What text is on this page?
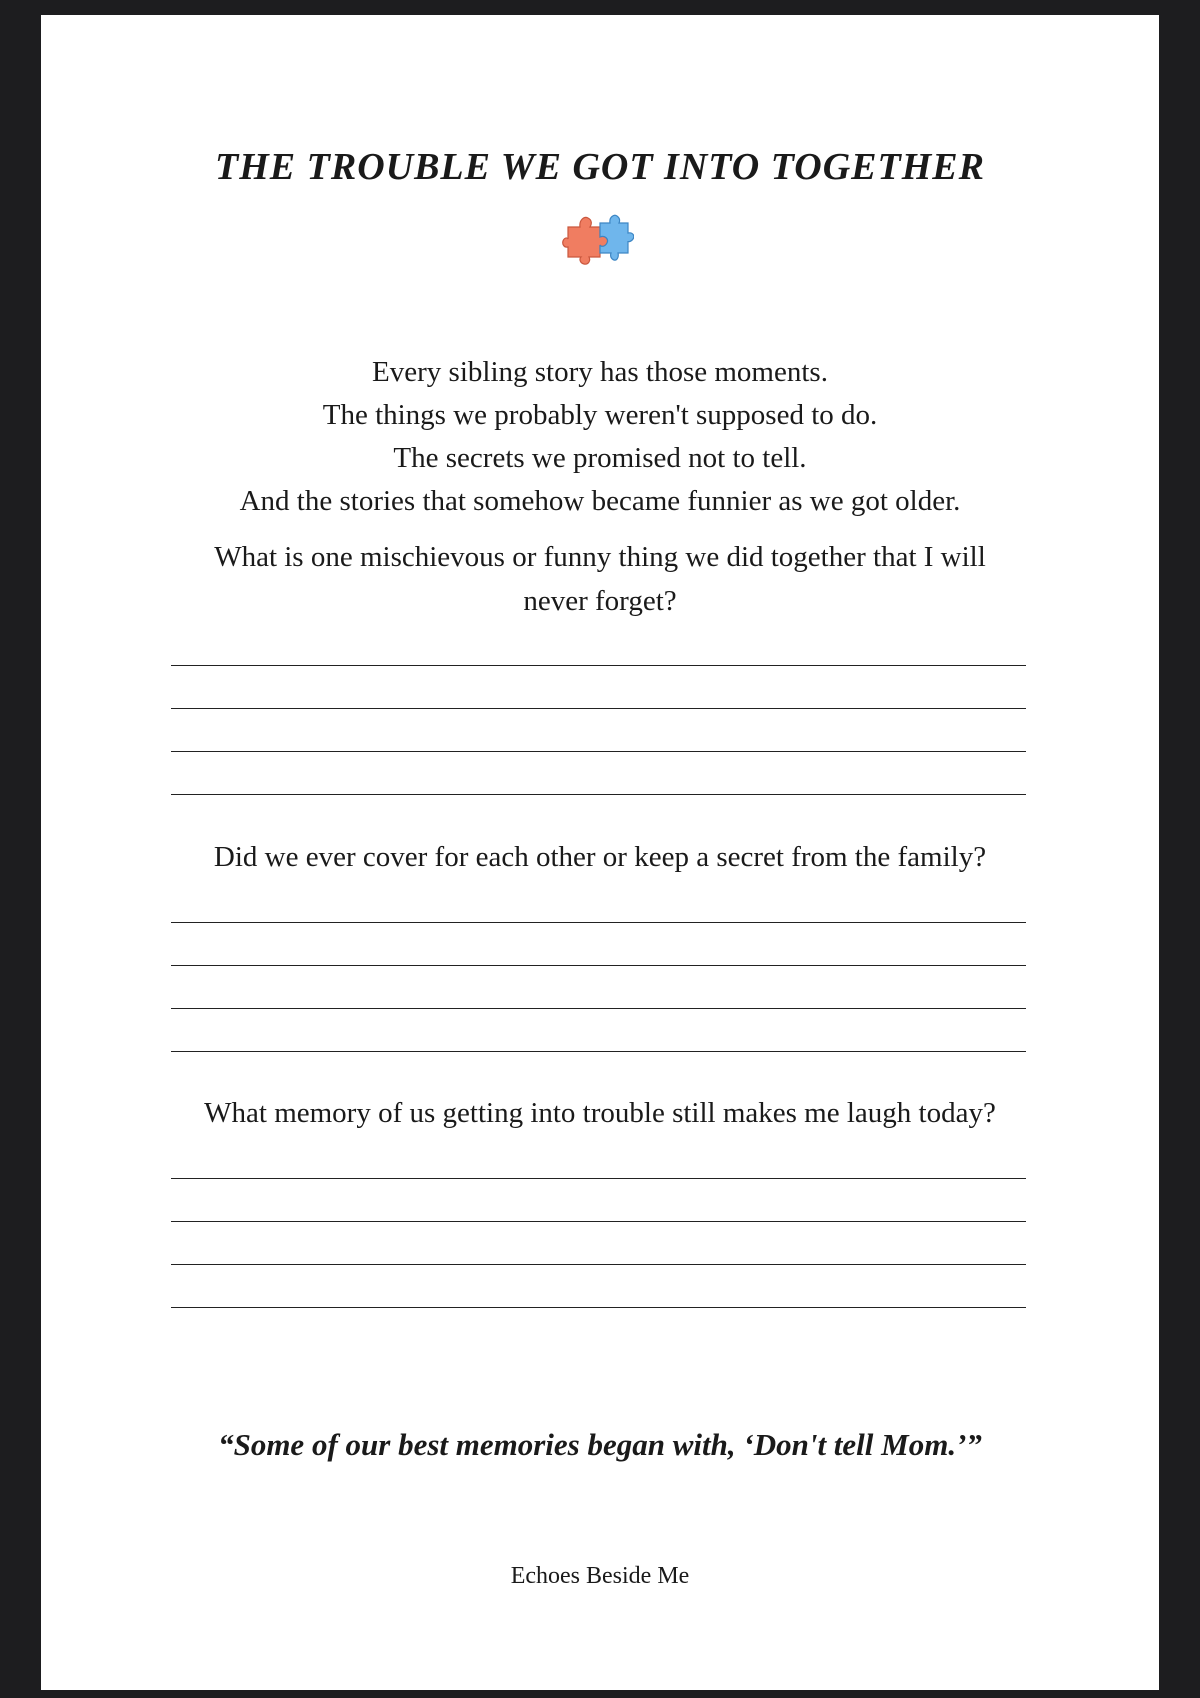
THE TROUBLE WE GOT INTO TOGETHER
Every sibling story has those moments.
The things we probably weren't supposed to do.
The secrets we promised not to tell.
And the stories that somehow became funnier as we got older.
What is one mischievous or funny thing we did together that I will never forget?
Did we ever cover for each other or keep a secret from the family?
What memory of us getting into trouble still makes me laugh today?
“Some of our best memories began with, ‘Don't tell Mom.’”
Echoes Beside Me
